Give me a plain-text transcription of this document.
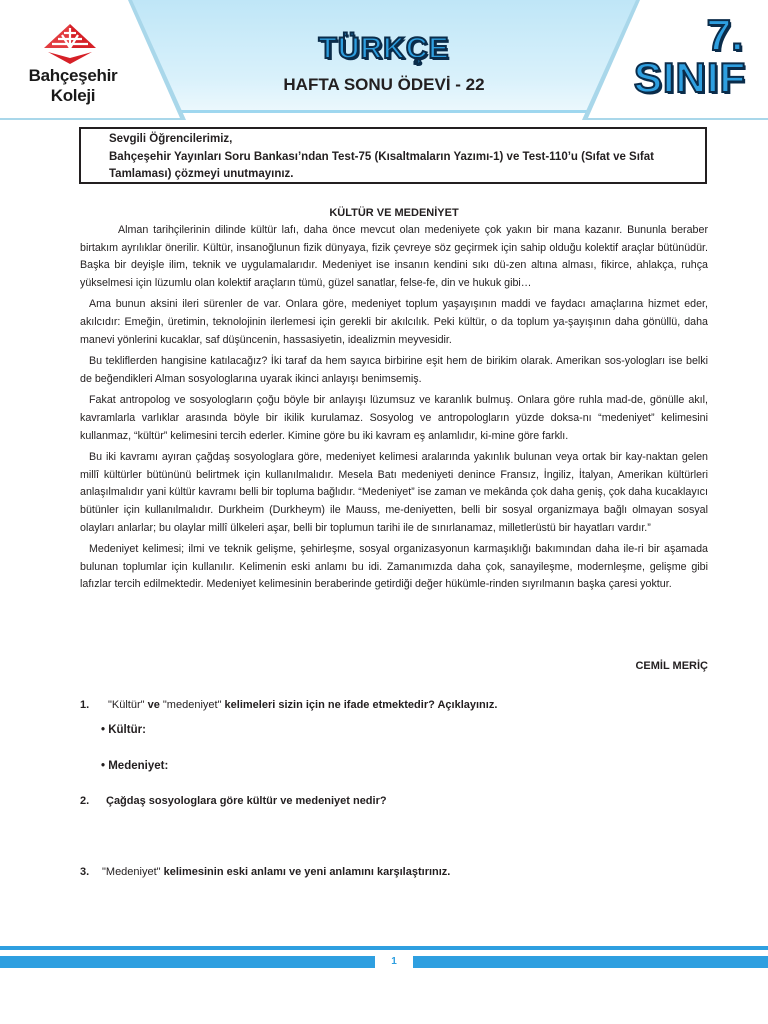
Bahçeşehir
Koleji
TÜRKÇE
HAFTA SONU ÖDEVİ - 22
7.
SINIF
Sevgili Öğrencilerimiz,
Bahçeşehir Yayınları Soru Bankası’ndan Test-75 (Kısaltmaların Yazımı-1) ve Test-110’u (Sıfat ve Sıfat
Tamlaması) çözmeyi unutmayınız.
KÜLTÜR VE MEDENİYET

Alman tarihçilerinin dilinde kültür lafı, daha önce mevcut olan medeniyete çok yakın bir mana kazanır. Bununla beraber birtakım ayrılıklar önerilir. Kültür, insanoğlunun fizik dünyaya, fizik çevreye söz geçirmek için sahip olduğu kolektif araçlar bütünüdür. Başka bir deyişle ilim, teknik ve uygulamalarıdır. Medeniyet ise insanın kendini sıkı dü-zen altına alması, fikirce, ahlakça, ruhça yükselmesi için lüzumlu olan kolektif araçların tümü, güzel sanatlar, felse-fe, din ve hukuk gibi…

Ama bunun aksini ileri sürenler de var. Onlara göre, medeniyet toplum yaşayışının maddi ve faydacı amaçlarına hizmet eder, akılcıdır: Emeğin, üretimin, teknolojinin ilerlemesi için gerekli bir akılcılık. Peki kültür, o da toplum ya-şayışının daha gönüllü, daha manevi yönlerini kucaklar, saf düşüncenin, hassasiyetin, idealizmin meyvesidir.

Bu tekliflerden hangisine katılacağız? İki taraf da hem sayıca birbirine eşit hem de birikim olarak. Amerikan sos-yologları ise belki de beğendikleri Alman sosyologlarına uyarak ikinci anlayışı benimsemiş.

Fakat antropolog ve sosyologların çoğu böyle bir anlayışı lüzumsuz ve karanlık bulmuş. Onlara göre ruhla mad-de, gönülle akıl, kavramlarla varlıklar arasında böyle bir ikilik kurulamaz. Sosyolog ve antropologların yüzde doksa-nı “medeniyet” kelimesini kullanmaz, “kültür” kelimesini tercih ederler. Kimine göre bu iki kavram eş anlamlıdır, ki-mine göre farklı.

Bu iki kavramı ayıran çağdaş sosyologlara göre, medeniyet kelimesi aralarında yakınlık bulunan veya ortak bir kay-naktan gelen millî kültürler bütününü belirtmek için kullanılmalıdır. Mesela Batı medeniyeti denince Fransız, İngiliz, İtalyan, Amerikan kültürleri anlaşılmalıdır yani kültür kavramı belli bir topluma bağlıdır. “Medeniyet” ise zaman ve mekânda çok daha geniş, çok daha kucaklayıcı bütünler için kullanılmalıdır. Durkheim (Durkheym) ile Mauss, me-deniyetten, belli bir sosyal organizmaya bağlı olmayan sosyal olayları anlarlar; bu olaylar millî ülkeleri aşar, belli bir toplumun tarihi ile de sınırlanamaz, milletlerüstü bir hayatları vardır.”

Medeniyet kelimesi; ilmi ve teknik gelişme, şehirleşme, sosyal organizasyonun karmaşıklığı bakımından daha ile-ri bir aşamada bulunan toplumlar için kullanılır. Kelimenin eski anlamı bu idi. Zamanımızda daha çok, sanayileşme, modernleşme, gelişme gibi lafızlar tercih edilmektedir. Medeniyet kelimesinin beraberinde getirdiği değer hükümle-rinden sıyrılmanın başka çaresi yoktur.

CEMİL MERİÇ
1. "Kültür" ve "medeniyet" kelimeleri sizin için ne ifade etmektedir? Açıklayınız.
• Kültür:
• Medeniyet:
2. Çağdaş sosyologlara göre kültür ve medeniyet nedir?
3. "Medeniyet" kelimesinin eski anlamı ve yeni anlamını karşılaştırınız.
1
